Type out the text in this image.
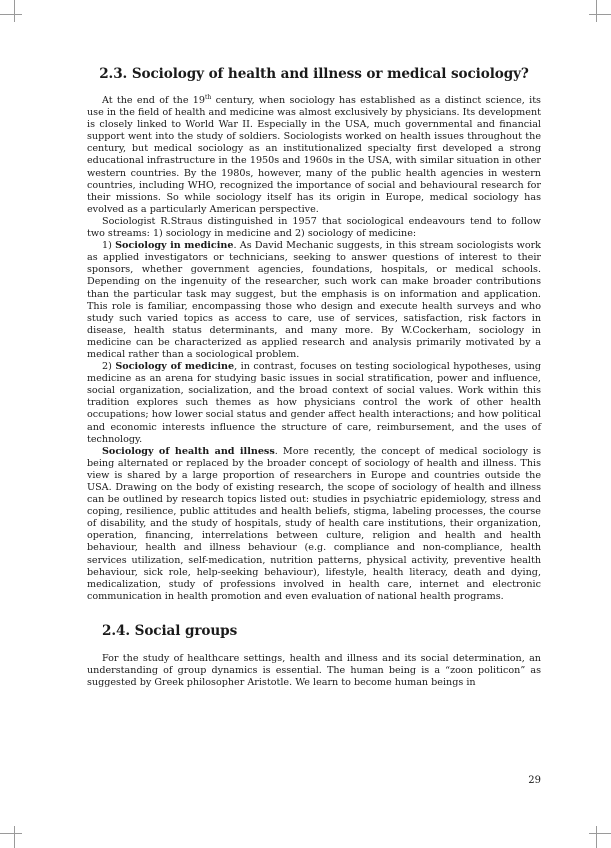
2.3. Sociology of health and illness or medical sociology?

At the end of the 19th century, when sociology has established as a distinct science, its use in the field of health and medicine was almost exclusively by physicians. Its development is closely linked to World War II. Especially in the USA, much governmental and financial support went into the study of soldiers. Sociologists worked on health issues throughout the century, but medical sociology as an institutionalized specialty first developed a strong educational infrastructure in the 1950s and 1960s in the USA, with similar situation in other western countries. By the 1980s, however, many of the public health agencies in western countries, including WHO, recognized the importance of social and behavioural research for their missions. So while sociology itself has its origin in Europe, medical sociology has evolved as a particularly American perspective.

Sociologist R.Straus distinguished in 1957 that sociological endeavours tend to follow two streams: 1) sociology in medicine and 2) sociology of medicine:

1) Sociology in medicine. As David Mechanic suggests, in this stream sociologists work as applied investigators or technicians, seeking to answer questions of interest to their sponsors, whether government agencies, foundations, hospitals, or medical schools. Depending on the ingenuity of the researcher, such work can make broader contributions than the particular task may suggest, but the emphasis is on information and application. This role is familiar, encompassing those who design and execute health surveys and who study such varied topics as access to care, use of services, satisfaction, risk factors in disease, health status determinants, and many more. By W.Cockerham, sociology in medicine can be characterized as applied research and analysis primarily motivated by a medical rather than a sociological problem.

2) Sociology of medicine, in contrast, focuses on testing sociological hypotheses, using medicine as an arena for studying basic issues in social stratification, power and influence, social organization, socialization, and the broad context of social values. Work within this tradition explores such themes as how physicians control the work of other health occupations; how lower social status and gender affect health interactions; and how political and economic interests influence the structure of care, reimbursement, and the uses of technology.

Sociology of health and illness. More recently, the concept of medical sociology is being alternated or replaced by the broader concept of sociology of health and illness. This view is shared by a large proportion of researchers in Europe and countries outside the USA. Drawing on the body of existing research, the scope of sociology of health and illness can be outlined by research topics listed out: studies in psychiatric epidemiology, stress and coping, resilience, public attitudes and health beliefs, stigma, labeling processes, the course of disability, and the study of hospitals, study of health care institutions, their organization, operation, financing, interrelations between culture, religion and health and health behaviour, health and illness behaviour (e.g. compliance and non-compliance, health services utilization, self-medication, nutrition patterns, physical activity, preventive health behaviour, sick role, help-seeking behaviour), lifestyle, health literacy, death and dying, medicalization, study of professions involved in health care, internet and electronic communication in health promotion and even evaluation of national health programs.

2.4. Social groups

For the study of healthcare settings, health and illness and its social determination, an understanding of group dynamics is essential. The human being is a “zoon politicon” as suggested by Greek philosopher Aristotle. We learn to become human beings in

29
